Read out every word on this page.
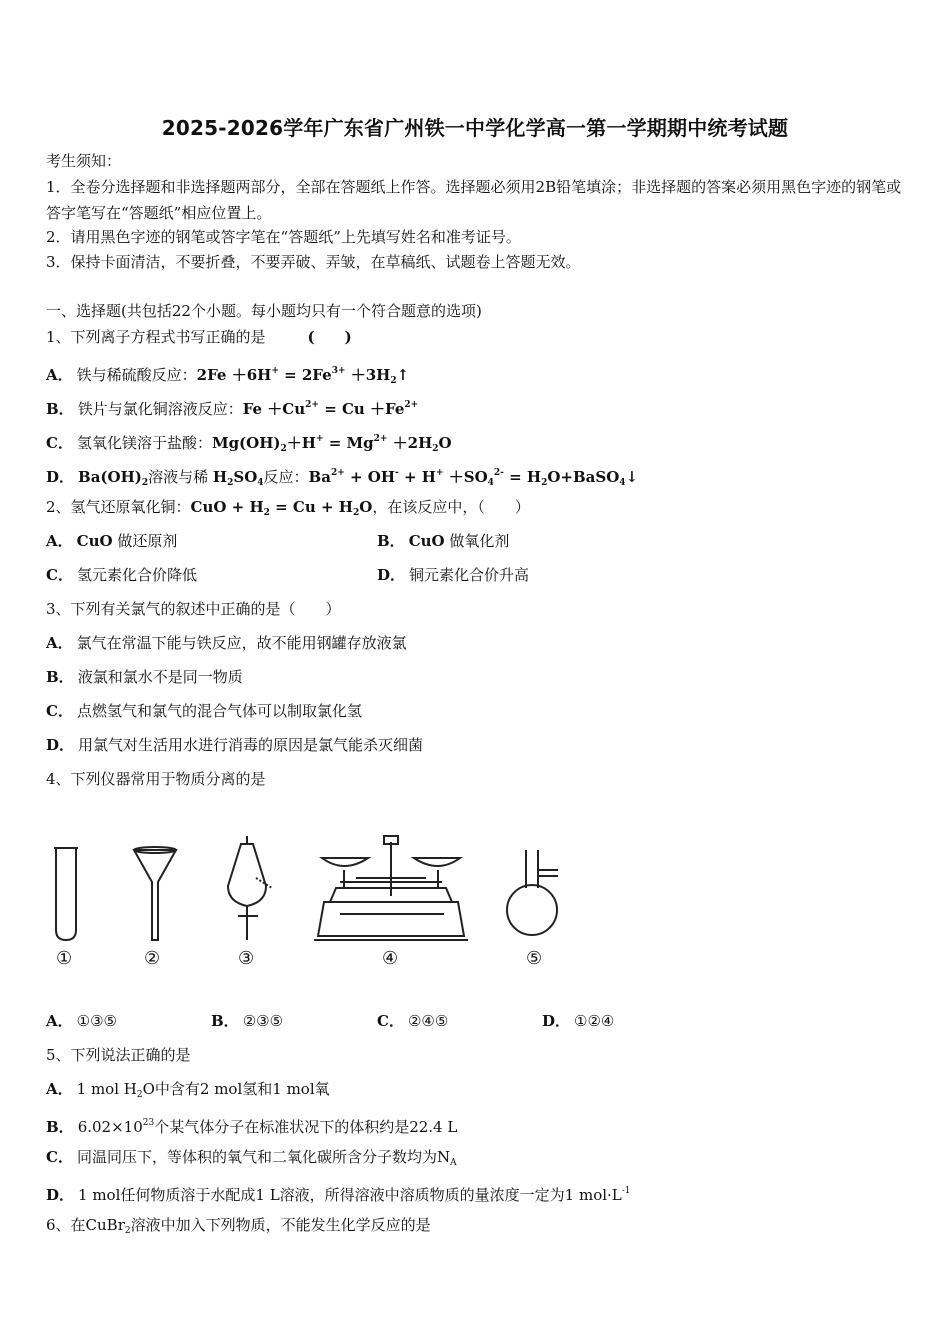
2025-2026学年广东省广州铁一中学化学高一第一学期期中统考试题
考生须知：
1．全卷分选择题和非选择题两部分，全部在答题纸上作答。选择题必须用2B铅笔填涂；非选择题的答案必须用黑色字迹的钢笔或答字笔写在“答题纸”相应位置上。
2．请用黑色字迹的钢笔或答字笔在“答题纸”上先填写姓名和准考证号。
3．保持卡面清洁，不要折叠，不要弄破、弄皱，在草稿纸、试题卷上答题无效。
一、选择题(共包括22个小题。每小题均只有一个符合题意的选项)
1、下列离子方程式书写正确的是	(　　)
A． 铁与稀硫酸反应：$2Fe +6H^+ = 2Fe^{3+}$ $+3H_2↑$
B． 铁片与氯化铜溶液反应：$Fe +Cu^{2+} = Cu +Fe^{2+}$
C． 氢氧化镁溶于盐酸：$Mg(OH)_2+H^+ = Mg^{2+} +2H_2O$
D． $Ba(OH)_2$溶液与稀 $H_2SO_4$反应：$Ba^{2+} + OH^- + H^+ +SO_4^{2-}$ = $H_2O+BaSO_4↓$
2、氢气还原氧化铜：CuO + $H_2 = Cu + H_2O$，在该反应中，（　　）
A． CuO 做还原剂	B． CuO 做氧化剂
C． 氢元素化合价降低	D． 铜元素化合价升高
3、下列有关氯气的叙述中正确的是（　　）
A． 氯气在常温下能与铁反应，故不能用钢罐存放液氯
B． 液氯和氯水不是同一物质
C． 点燃氢气和氯气的混合气体可以制取氯化氢
D． 用氯气对生活用水进行消毒的原因是氯气能杀灭细菌
4、下列仪器常用于物质分离的是
①	②	③	④	⑤
A． ①③⑤	B． ②③⑤	C． ②④⑤	D． ①②④
5、下列说法正确的是
A． 1 mol $H_2O$中含有2 mol氢和1 mol氧
B． $6.02\times 10^{23}$个某气体分子在标准状况下的体积约是22.4 L
C． 同温同压下，等体积的氧气和二氧化碳所含分子数均为$N_A$
D． 1 mol任何物质溶于水配成1 L溶液，所得溶液中溶质物质的量浓度一定为1 $mol\cdot L^{-1}$
6、在CuBr$_2$溶液中加入下列物质，不能发生化学反应的是
